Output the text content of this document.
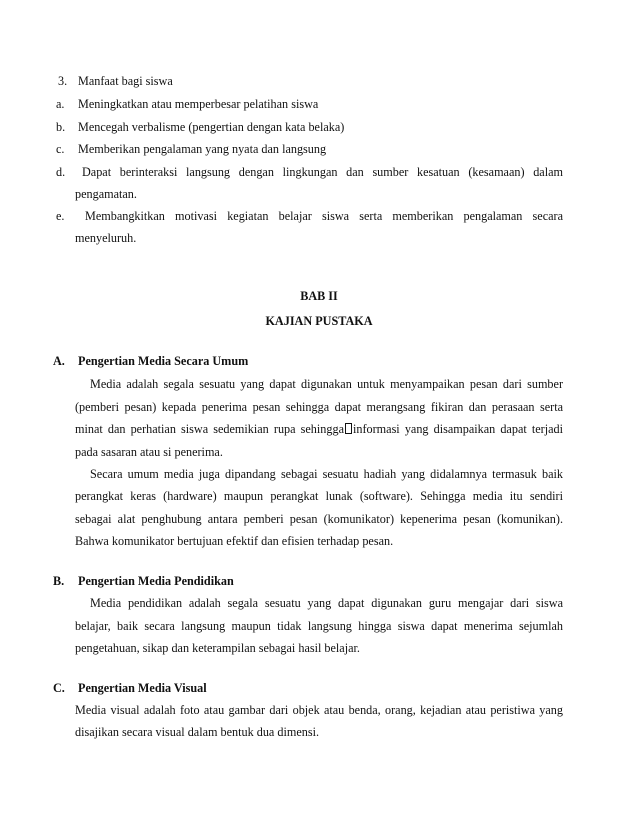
3. Manfaat bagi siswa
a. Meningkatkan atau memperbesar pelatihan siswa
b. Mencegah verbalisme (pengertian dengan kata belaka)
c. Memberikan pengalaman yang nyata dan langsung
d. Dapat berinteraksi langsung dengan lingkungan dan sumber kesatuan (kesamaan) dalam
pengamatan.
e. Membangkitkan motivasi kegiatan belajar siswa serta memberikan pengalaman secara
menyeluruh.
BAB II
KAJIAN PUSTAKA
A. Pengertian Media Secara Umum
Media adalah segala sesuatu yang dapat digunakan untuk menyampaikan pesan dari sumber
(pemberi pesan) kepada penerima pesan sehingga dapat merangsang fikiran dan perasaan serta
minat dan perhatian siswa sedemikian rupa sehingga informasi yang disampaikan dapat terjadi
pada sasaran atau si penerima.
Secara umum media juga dipandang sebagai sesuatu hadiah yang didalamnya termasuk baik
perangkat keras (hardware) maupun perangkat lunak (software). Sehingga media itu sendiri
sebagai alat penghubung antara pemberi pesan (komunikator) kepenerima pesan (komunikan).
Bahwa komunikator bertujuan efektif dan efisien terhadap pesan.
B. Pengertian Media Pendidikan
Media pendidikan adalah segala sesuatu yang dapat digunakan guru mengajar dari siswa
belajar, baik secara langsung maupun tidak langsung hingga siswa dapat menerima sejumlah
pengetahuan, sikap dan keterampilan sebagai hasil belajar.
C. Pengertian Media Visual
Media visual adalah foto atau gambar dari objek atau benda, orang, kejadian atau peristiwa yang
disajikan secara visual dalam bentuk dua dimensi.
